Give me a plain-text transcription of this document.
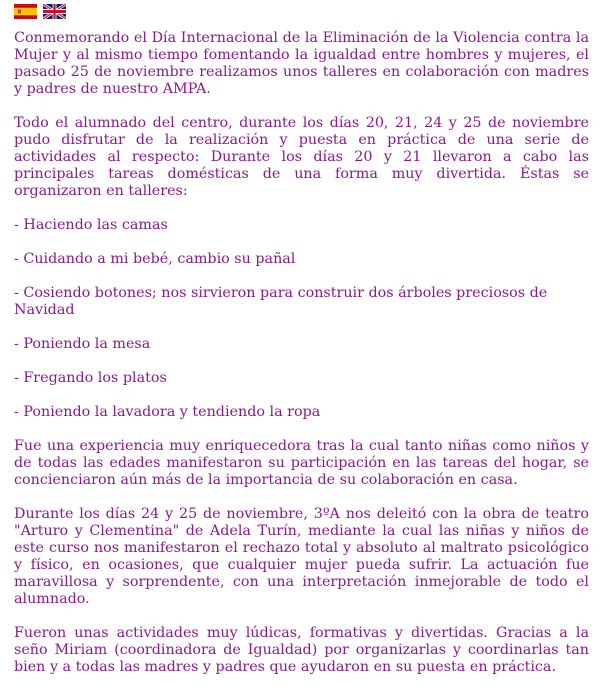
Conmemorando el Día Internacional de la Eliminación de la Violencia contra la Mujer y al mismo tiempo fomentando la igualdad entre hombres y mujeres, el pasado 25 de noviembre realizamos unos talleres en colaboración con madres y padres de nuestro AMPA.

Todo el alumnado del centro, durante los días 20, 21, 24 y 25 de noviembre pudo disfrutar de la realización y puesta en práctica de una serie de actividades al respecto: Durante los días 20 y 21 llevaron a cabo las principales tareas domésticas de una forma muy divertida. Éstas se organizaron en talleres:

- Haciendo las camas
- Cuidando a mi bebé, cambio su pañal
- Cosiendo botones; nos sirvieron para construir dos árboles preciosos de Navidad
- Poniendo la mesa
- Fregando los platos
- Poniendo la lavadora y tendiendo la ropa

Fue una experiencia muy enriquecedora tras la cual tanto niñas como niños y de todas las edades manifestaron su participación en las tareas del hogar, se concienciaron aún más de la importancia de su colaboración en casa.

Durante los días 24 y 25 de noviembre, 3ºA nos deleitó con la obra de teatro "Arturo y Clementina" de Adela Turín, mediante la cual las niñas y niños de este curso nos manifestaron el rechazo total y absoluto al maltrato psicológico y físico, en ocasiones, que cualquier mujer pueda sufrir. La actuación fue maravillosa y sorprendente, con una interpretación inmejorable de todo el alumnado.

Fueron unas actividades muy lúdicas, formativas y divertidas. Gracias a la seño Miriam (coordinadora de Igualdad) por organizarlas y coordinarlas tan bien y a todas las madres y padres que ayudaron en su puesta en práctica.
